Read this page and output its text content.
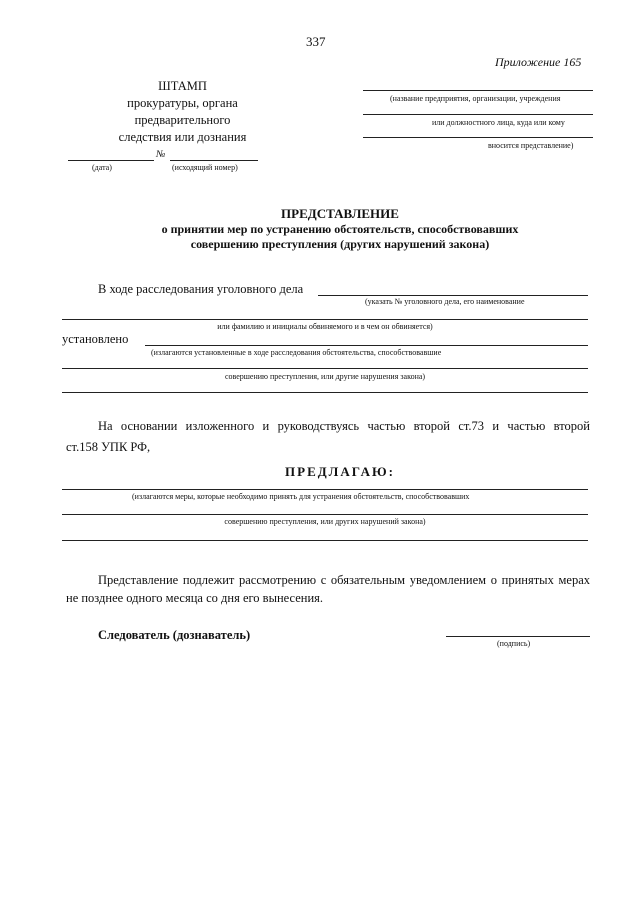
337
Приложение 165
ШТАМП
прокуратуры, органа
предварительного
следствия или дознания
№
(дата)	(исходящий номер)
(название предприятия, организации, учреждения
или должностного лица, куда или кому
вносится представление)
ПРЕДСТАВЛЕНИЕ
о принятии мер по устранению обстоятельств, способствовавших
совершению преступления (других нарушений закона)
В ходе расследования уголовного дела
(указать № уголовного дела, его наименование
или фамилию и инициалы обвиняемого и в чем он обвиняется)
установлено
(излагаются установленные в ходе расследования обстоятельства, способствовавшие
совершению преступления, или другие нарушения закона)
На основании изложенного и руководствуясь частью второй ст.73 и частью второй
ст.158 УПК РФ,
ПРЕДЛАГАЮ:
(излагаются меры, которые необходимо принять для устранения обстоятельств, способствовавших
совершению преступления, или других нарушений закона)
Представление подлежит рассмотрению с обязательным уведомлением о принятых мерах
не позднее одного месяца со дня его вынесения.
Следователь (дознаватель)
(подпись)
